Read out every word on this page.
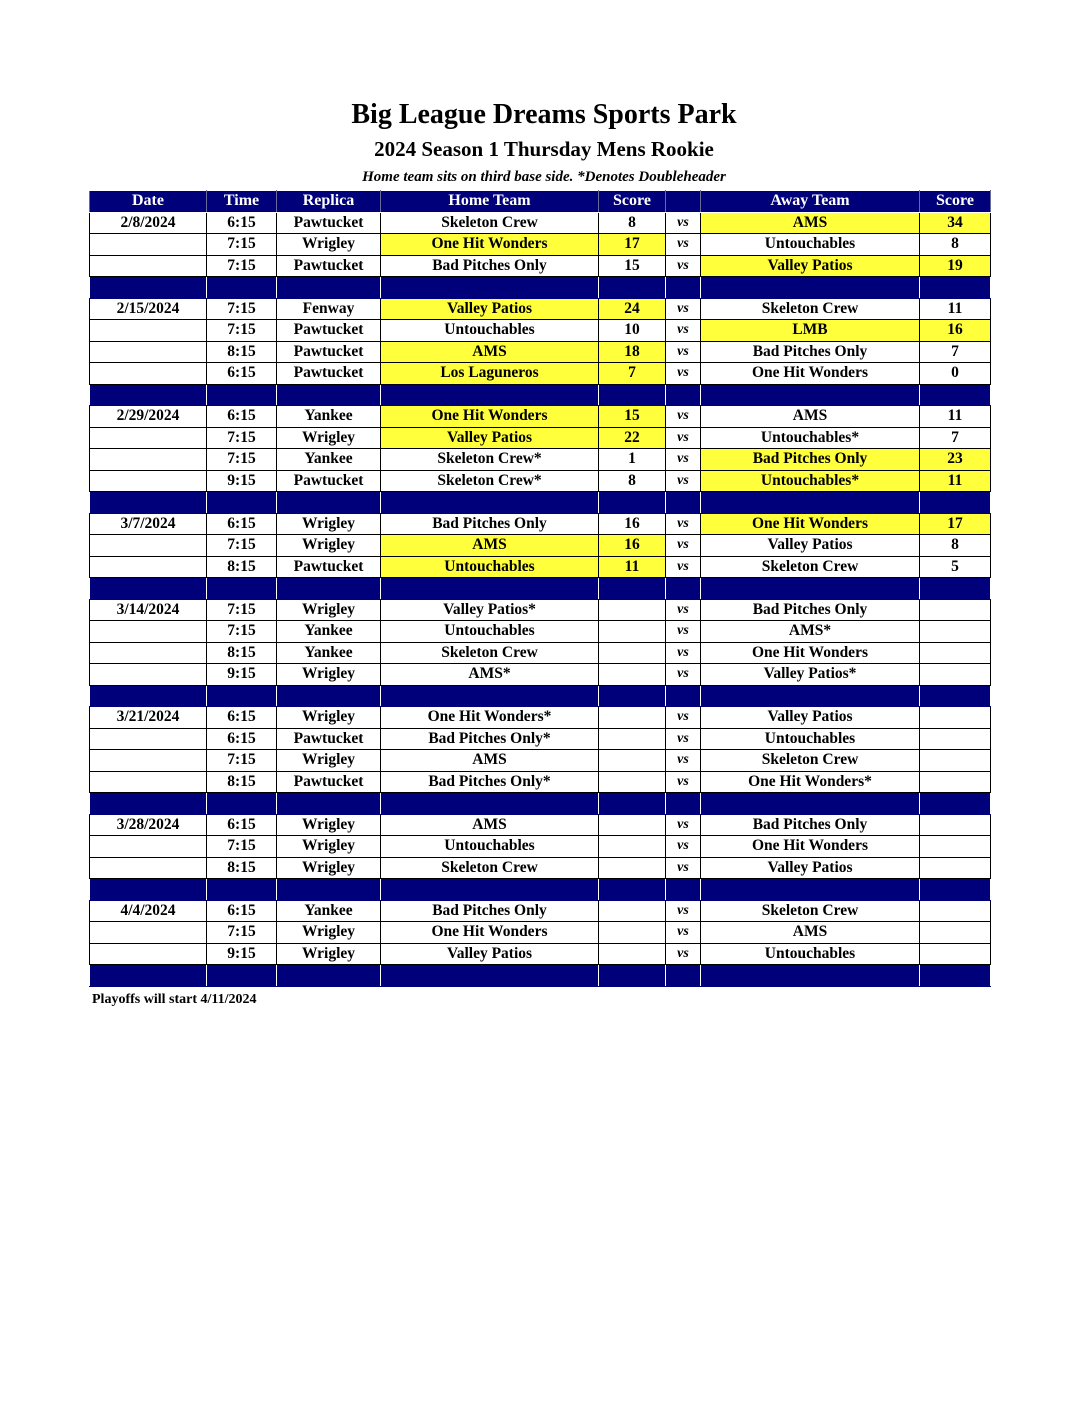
Big League Dreams Sports Park
2024 Season 1 Thursday Mens Rookie
Home team sits on third base side. *Denotes Doubleheader
Date	Time	Replica	Home Team	Score		Away Team	Score
2/8/2024	6:15	Pawtucket	Skeleton Crew	8	vs	AMS	34
	7:15	Wrigley	One Hit Wonders	17	vs	Untouchables	8
	7:15	Pawtucket	Bad Pitches Only	15	vs	Valley Patios	19

2/15/2024	7:15	Fenway	Valley Patios	24	vs	Skeleton Crew	11
	7:15	Pawtucket	Untouchables	10	vs	LMB	16
	8:15	Pawtucket	AMS	18	vs	Bad Pitches Only	7
	6:15	Pawtucket	Los Laguneros	7	vs	One Hit Wonders	0

2/29/2024	6:15	Yankee	One Hit Wonders	15	vs	AMS	11
	7:15	Wrigley	Valley Patios	22	vs	Untouchables*	7
	7:15	Yankee	Skeleton Crew*	1	vs	Bad Pitches Only	23
	9:15	Pawtucket	Skeleton Crew*	8	vs	Untouchables*	11

3/7/2024	6:15	Wrigley	Bad Pitches Only	16	vs	One Hit Wonders	17
	7:15	Wrigley	AMS	16	vs	Valley Patios	8
	8:15	Pawtucket	Untouchables	11	vs	Skeleton Crew	5

3/14/2024	7:15	Wrigley	Valley Patios*		vs	Bad Pitches Only	
	7:15	Yankee	Untouchables		vs	AMS*	
	8:15	Yankee	Skeleton Crew		vs	One Hit Wonders	
	9:15	Wrigley	AMS*		vs	Valley Patios*	

3/21/2024	6:15	Wrigley	One Hit Wonders*		vs	Valley Patios	
	6:15	Pawtucket	Bad Pitches Only*		vs	Untouchables	
	7:15	Wrigley	AMS		vs	Skeleton Crew	
	8:15	Pawtucket	Bad Pitches Only*		vs	One Hit Wonders*	

3/28/2024	6:15	Wrigley	AMS		vs	Bad Pitches Only	
	7:15	Wrigley	Untouchables		vs	One Hit Wonders	
	8:15	Wrigley	Skeleton Crew		vs	Valley Patios	

4/4/2024	6:15	Yankee	Bad Pitches Only		vs	Skeleton Crew	
	7:15	Wrigley	One Hit Wonders		vs	AMS	
	9:15	Wrigley	Valley Patios		vs	Untouchables	

Playoffs will start 4/11/2024
